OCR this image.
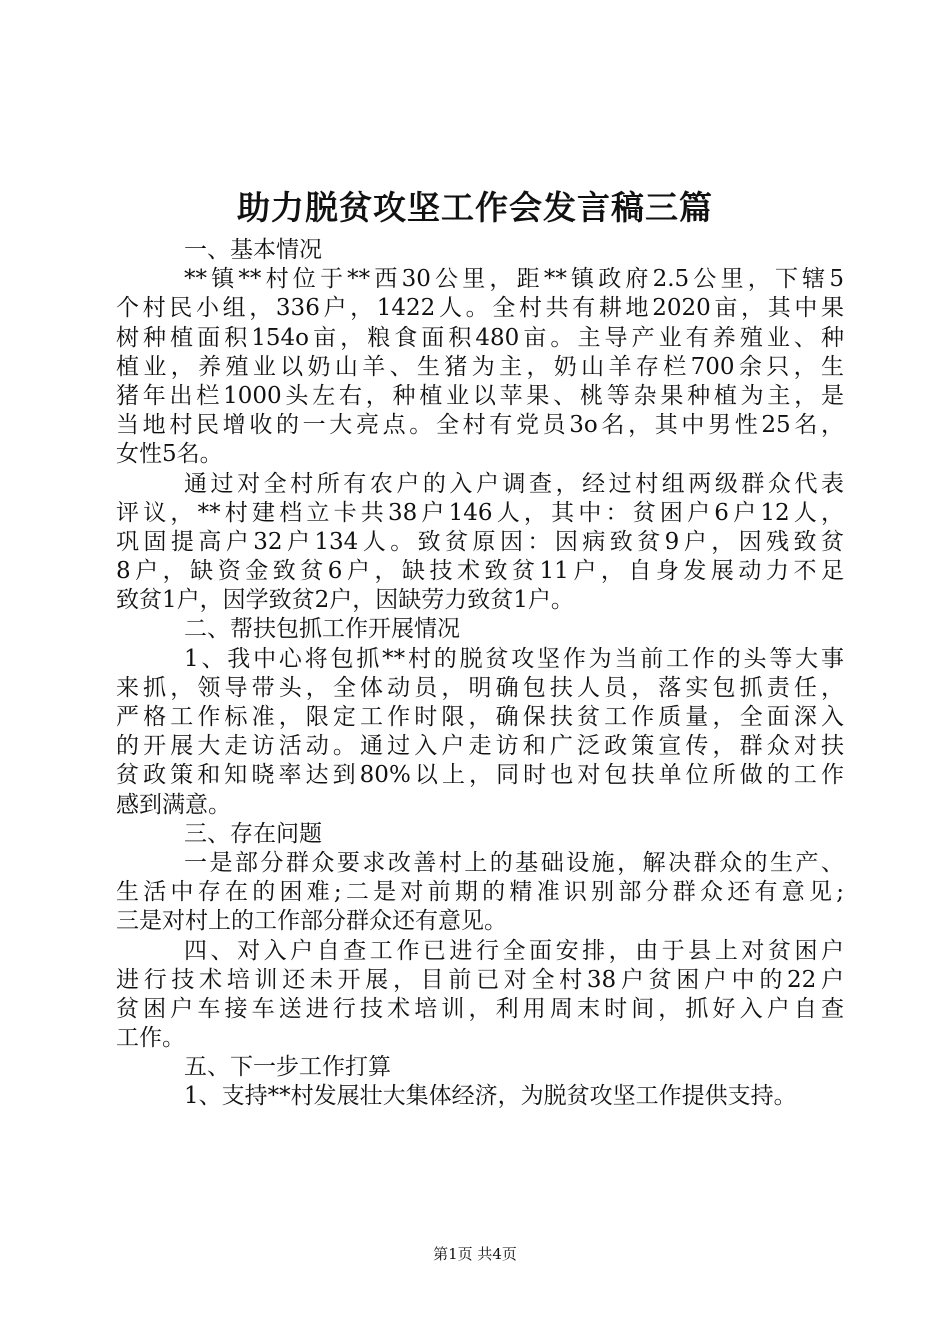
助力脱贫攻坚工作会发言稿三篇
一、基本情况
**镇**村位于**西30公里，距**镇政府2.5公里，下辖5
个村民小组，336户，1422人。全村共有耕地2020亩，其中果
树种植面积154o亩，粮食面积480亩。主导产业有养殖业、种
植业，养殖业以奶山羊、生猪为主，奶山羊存栏700余只，生
猪年出栏1000头左右，种植业以苹果、桃等杂果种植为主，是
当地村民增收的一大亮点。全村有党员3o名，其中男性25名，
女性5名。
通过对全村所有农户的入户调查，经过村组两级群众代表
评议，**村建档立卡共38户146人，其中：贫困户6户12人，
巩固提高户32户134人。致贫原因：因病致贫9户，因残致贫
8户，缺资金致贫6户，缺技术致贫11户，自身发展动力不足
致贫1户，因学致贫2户，因缺劳力致贫1户。
二、帮扶包抓工作开展情况
1、我中心将包抓**村的脱贫攻坚作为当前工作的头等大事
来抓，领导带头，全体动员，明确包扶人员，落实包抓责任，
严格工作标准，限定工作时限，确保扶贫工作质量，全面深入
的开展大走访活动。通过入户走访和广泛政策宣传，群众对扶
贫政策和知晓率达到80%以上，同时也对包扶单位所做的工作
感到满意。
三、存在问题
一是部分群众要求改善村上的基础设施，解决群众的生产、
生活中存在的困难;二是对前期的精准识别部分群众还有意见;
三是对村上的工作部分群众还有意见。
四、对入户自查工作已进行全面安排，由于县上对贫困户
进行技术培训还未开展，目前已对全村38户贫困户中的22户
贫困户车接车送进行技术培训，利用周末时间，抓好入户自查
工作。
五、下一步工作打算
1、支持**村发展壮大集体经济，为脱贫攻坚工作提供支持。
第1页 共4页
